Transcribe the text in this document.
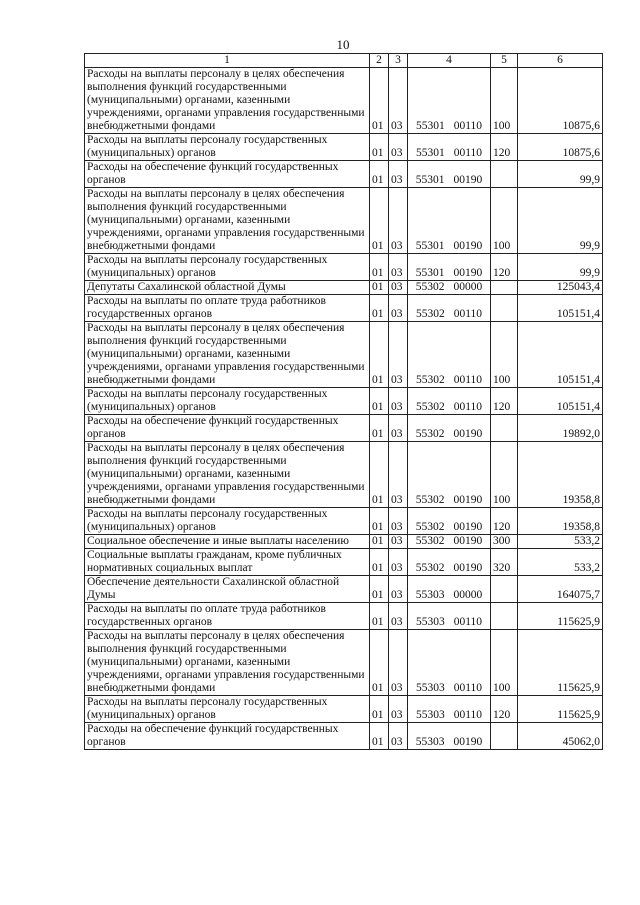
10
1	2	3	4	5	6
Расходы на выплаты персоналу в целях обеспечения выполнения функций государственными (муниципальными) органами, казенными учреждениями, органами управления государственными внебюджетными фондами	01	03	55301 00110	100	10875,6
Расходы на выплаты персоналу государственных (муниципальных) органов	01	03	55301 00110	120	10875,6
Расходы на обеспечение функций государственных органов	01	03	55301 00190		99,9
Расходы на выплаты персоналу в целях обеспечения выполнения функций государственными (муниципальными) органами, казенными учреждениями, органами управления государственными внебюджетными фондами	01	03	55301 00190	100	99,9
Расходы на выплаты персоналу государственных (муниципальных) органов	01	03	55301 00190	120	99,9
Депутаты Сахалинской областной Думы	01	03	55302 00000		125043,4
Расходы на выплаты по оплате труда работников государственных органов	01	03	55302 00110		105151,4
Расходы на выплаты персоналу в целях обеспечения выполнения функций государственными (муниципальными) органами, казенными учреждениями, органами управления государственными внебюджетными фондами	01	03	55302 00110	100	105151,4
Расходы на выплаты персоналу государственных (муниципальных) органов	01	03	55302 00110	120	105151,4
Расходы на обеспечение функций государственных органов	01	03	55302 00190		19892,0
Расходы на выплаты персоналу в целях обеспечения выполнения функций государственными (муниципальными) органами, казенными учреждениями, органами управления государственными внебюджетными фондами	01	03	55302 00190	100	19358,8
Расходы на выплаты персоналу государственных (муниципальных) органов	01	03	55302 00190	120	19358,8
Социальное обеспечение и иные выплаты населению	01	03	55302 00190	300	533,2
Социальные выплаты гражданам, кроме публичных нормативных социальных выплат	01	03	55302 00190	320	533,2
Обеспечение деятельности Сахалинской областной Думы	01	03	55303 00000		164075,7
Расходы на выплаты по оплате труда работников государственных органов	01	03	55303 00110		115625,9
Расходы на выплаты персоналу в целях обеспечения выполнения функций государственными (муниципальными) органами, казенными учреждениями, органами управления государственными внебюджетными фондами	01	03	55303 00110	100	115625,9
Расходы на выплаты персоналу государственных (муниципальных) органов	01	03	55303 00110	120	115625,9
Расходы на обеспечение функций государственных органов	01	03	55303 00190		45062,0
